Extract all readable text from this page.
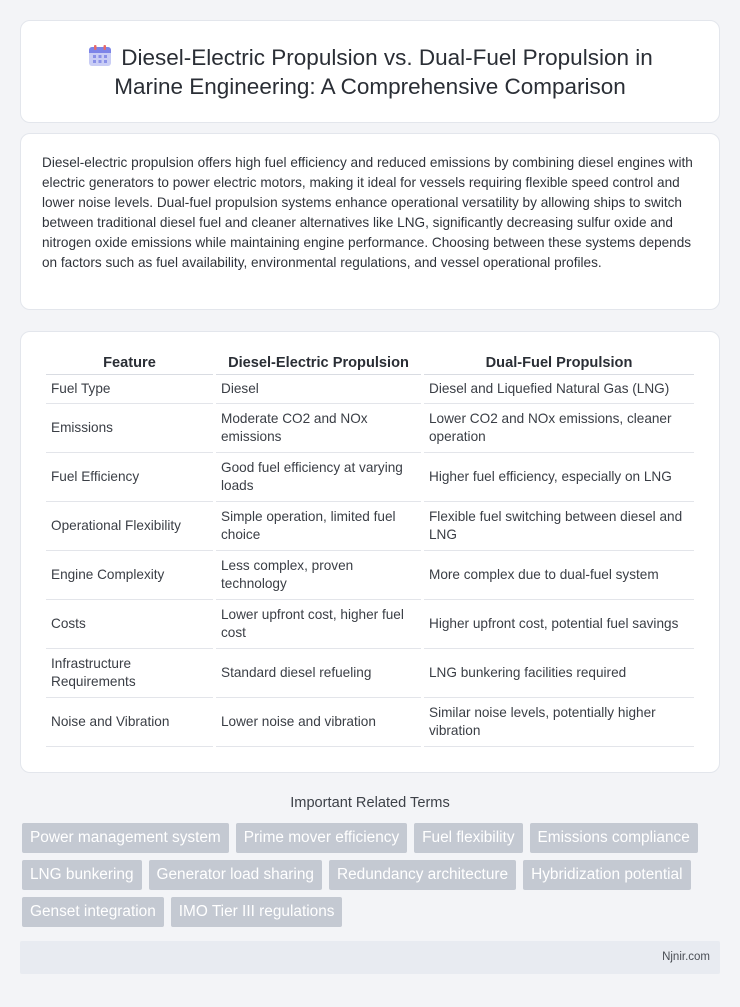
Diesel-Electric Propulsion vs. Dual-Fuel Propulsion in Marine Engineering: A Comprehensive Comparison

Diesel-electric propulsion offers high fuel efficiency and reduced emissions by combining diesel engines with electric generators to power electric motors, making it ideal for vessels requiring flexible speed control and lower noise levels. Dual-fuel propulsion systems enhance operational versatility by allowing ships to switch between traditional diesel fuel and cleaner alternatives like LNG, significantly decreasing sulfur oxide and nitrogen oxide emissions while maintaining engine performance. Choosing between these systems depends on factors such as fuel availability, environmental regulations, and vessel operational profiles.

Feature	Diesel-Electric Propulsion	Dual-Fuel Propulsion
Fuel Type	Diesel	Diesel and Liquefied Natural Gas (LNG)
Emissions	Moderate CO2 and NOx emissions	Lower CO2 and NOx emissions, cleaner operation
Fuel Efficiency	Good fuel efficiency at varying loads	Higher fuel efficiency, especially on LNG
Operational Flexibility	Simple operation, limited fuel choice	Flexible fuel switching between diesel and LNG
Engine Complexity	Less complex, proven technology	More complex due to dual-fuel system
Costs	Lower upfront cost, higher fuel cost	Higher upfront cost, potential fuel savings
Infrastructure Requirements	Standard diesel refueling	LNG bunkering facilities required
Noise and Vibration	Lower noise and vibration	Similar noise levels, potentially higher vibration
Important Related Terms
Power management system	Prime mover efficiency	Fuel flexibility	Emissions compliance
LNG bunkering	Generator load sharing	Redundancy architecture	Hybridization potential
Genset integration	IMO Tier III regulations
Njnir.com
